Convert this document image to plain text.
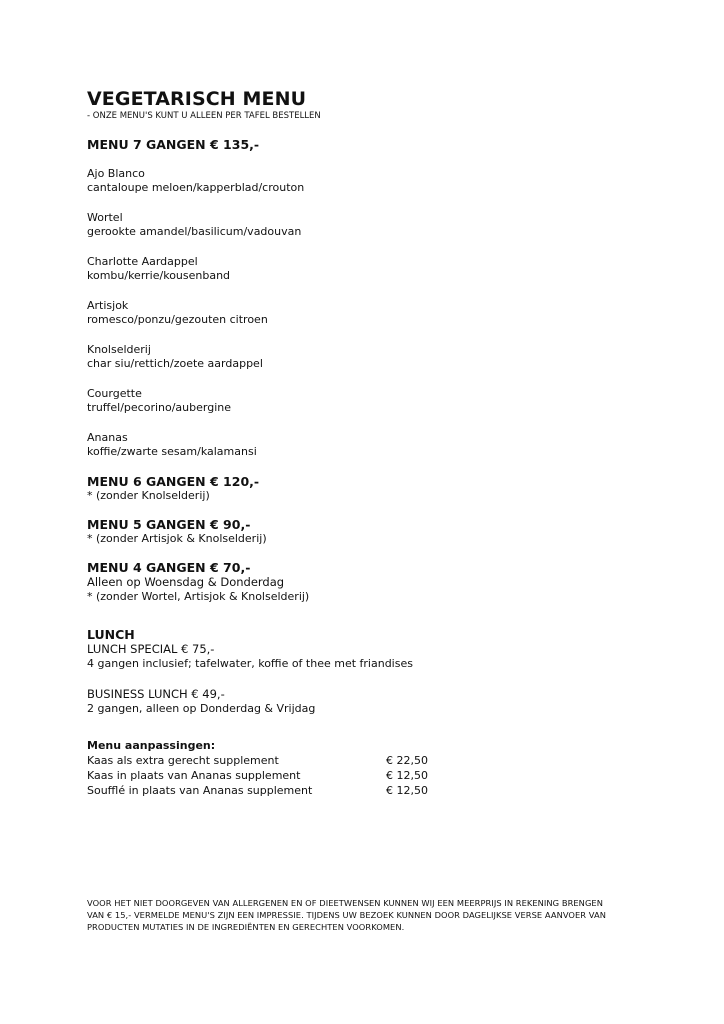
VEGETARISCH MENU
- ONZE MENU'S KUNT U ALLEEN PER TAFEL BESTELLEN
MENU 7 GANGEN € 135,-
Ajo Blanco
cantaloupe meloen/kapperblad/crouton
Wortel
gerookte amandel/basilicum/vadouvan
Charlotte Aardappel
kombu/kerrie/kousenband
Artisjok
romesco/ponzu/gezouten citroen
Knolselderij
char siu/rettich/zoete aardappel
Courgette
truffel/pecorino/aubergine
Ananas
koffie/zwarte sesam/kalamansi
MENU 6 GANGEN € 120,-
* (zonder Knolselderij)
MENU 5 GANGEN € 90,-
* (zonder Artisjok & Knolselderij)
MENU 4 GANGEN € 70,-
Alleen op Woensdag & Donderdag
* (zonder Wortel, Artisjok & Knolselderij)
LUNCH
LUNCH SPECIAL € 75,-
4 gangen inclusief; tafelwater, koffie of thee met friandises
BUSINESS LUNCH € 49,-
2 gangen, alleen op Donderdag & Vrijdag
Menu aanpassingen:
Kaas als extra gerecht supplement	€ 22,50
Kaas in plaats van Ananas supplement	€ 12,50
Soufflé in plaats van Ananas supplement	€ 12,50
VOOR HET NIET DOORGEVEN VAN ALLERGENEN EN OF DIEETWENSEN KUNNEN WIJ EEN MEERPRIJS IN REKENING BRENGEN
VAN € 15,- VERMELDE MENU'S ZIJN EEN IMPRESSIE. TIJDENS UW BEZOEK KUNNEN DOOR DAGELIJKSE VERSE AANVOER VAN
PRODUCTEN MUTATIES IN DE INGREDIËNTEN EN GERECHTEN VOORKOMEN.
